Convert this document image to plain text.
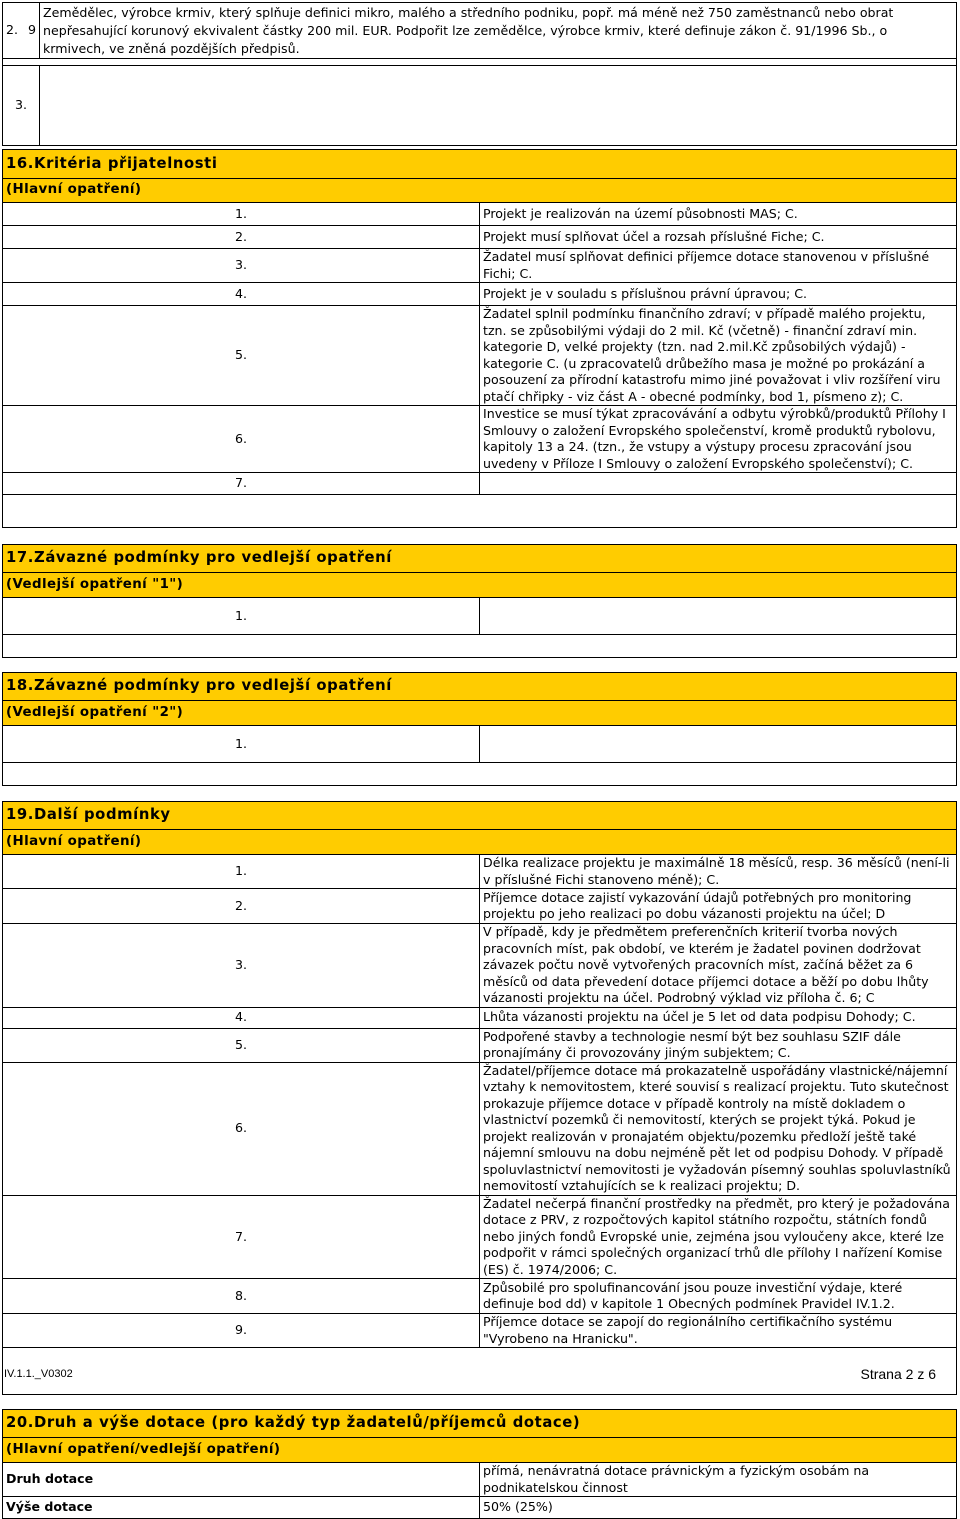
2. 9	Zemědělec, výrobce krmiv, který splňuje definici mikro, malého a středního podniku, popř. má méně než 750 zaměstnanců nebo obrat nepřesahující korunový ekvivalent částky 200 mil. EUR. Podpořit lze zemědělce, výrobce krmiv, které definuje zákon č. 91/1996 Sb., o krmivech, ve zněná pozdějších předpisů.

3.	
16.Kritéria přijatelnosti	
(Hlavní opatření)	
1.	Projekt je realizován na území působnosti MAS; C.
2.	Projekt musí splňovat účel a rozsah příslušné Fiche; C.
3.	Žadatel musí splňovat definici příjemce dotace stanovenou v příslušné Fichi; C.
4.	Projekt je v souladu s příslušnou právní úpravou; C.
5.	Žadatel splnil podmínku finančního zdraví; v případě malého projektu, tzn. se způsobilými výdaji do 2 mil. Kč (včetně) - finanční zdraví min. kategorie D, velké projekty (tzn. nad 2.mil.Kč způsobilých výdajů) - kategorie C. (u zpracovatelů drůbežího masa je možné po prokázání a posouzení za přírodní katastrofu mimo jiné považovat i vliv rozšíření viru ptačí chřipky - viz část A - obecné podmínky, bod 1, písmeno z); C.
6.	Investice se musí týkat zpracovávání a odbytu výrobků/produktů Přílohy I Smlouvy o založení Evropského společenství, kromě produktů rybolovu, kapitoly 13 a 24. (tzn., že vstupy a výstupy procesu zpracování jsou uvedeny v Příloze I Smlouvy o založení Evropského společenství); C.
7.	

17.Závazné podmínky pro vedlejší opatření
(Vedlejší opatření "1")
1.	

18.Závazné podmínky pro vedlejší opatření
(Vedlejší opatření "2")
1.	

19.Další podmínky	
(Hlavní opatření)	
1.	Délka realizace projektu je maximálně 18 měsíců, resp. 36 měsíců (není-li v příslušné Fichi stanoveno méně); C.
2.	Příjemce dotace zajistí vykazování údajů potřebných pro monitoring projektu po jeho realizaci po dobu vázanosti projektu na účel; D
3.	V případě, kdy je předmětem preferenčních kriterií tvorba nových pracovních míst, pak období, ve kterém je žadatel povinen dodržovat závazek počtu nově vytvořených pracovních míst, začíná běžet za 6 měsíců od data převedení dotace příjemci dotace a běží po dobu lhůty vázanosti projektu na účel. Podrobný výklad viz příloha č. 6; C
4.	Lhůta vázanosti projektu na účel je 5 let od data podpisu Dohody; C.
5.	Podpořené stavby a technologie nesmí být bez souhlasu SZIF dále pronajímány či provozovány jiným subjektem; C.
6.	Žadatel/příjemce dotace má prokazatelně uspořádány vlastnické/nájemní vztahy k nemovitostem, které souvisí s realizací projektu. Tuto skutečnost prokazuje příjemce dotace v případě kontroly na místě dokladem o vlastnictví pozemků či nemovitostí, kterých se projekt týká. Pokud je projekt realizován v pronajatém objektu/pozemku předloží ještě také nájemní smlouvu na dobu nejméně pět let od podpisu Dohody. V případě spoluvlastnictví nemovitosti je vyžadován písemný souhlas spoluvlastníků nemovitostí vztahujících se k realizaci projektu; D.
7.	Žadatel nečerpá finanční prostředky na předmět, pro který je požadována dotace z PRV, z rozpočtových kapitol státního rozpočtu, státních fondů nebo jiných fondů Evropské unie, zejména jsou vyloučeny akce, které lze podpořit v rámci společných organizací trhů dle přílohy I nařízení Komise (ES) č. 1974/2006; C.
8.	Způsobilé pro spolufinancování jsou pouze investiční výdaje, které definuje bod dd) v kapitole 1 Obecných podmínek Pravidel IV.1.2.
9.	Příjemce dotace se zapojí do regionálního certifikačního systému "Vyrobeno na Hranicku".

20.Druh a výše dotace (pro každý typ žadatelů/příjemců dotace)	
(Hlavní opatření/vedlejší opatření)	
Druh dotace	přímá, nenávratná dotace právnickým a fyzickým osobám na podnikatelskou činnost
Výše dotace	50% (25%)
IV.1.1._V0302	Strana 2 z 6
